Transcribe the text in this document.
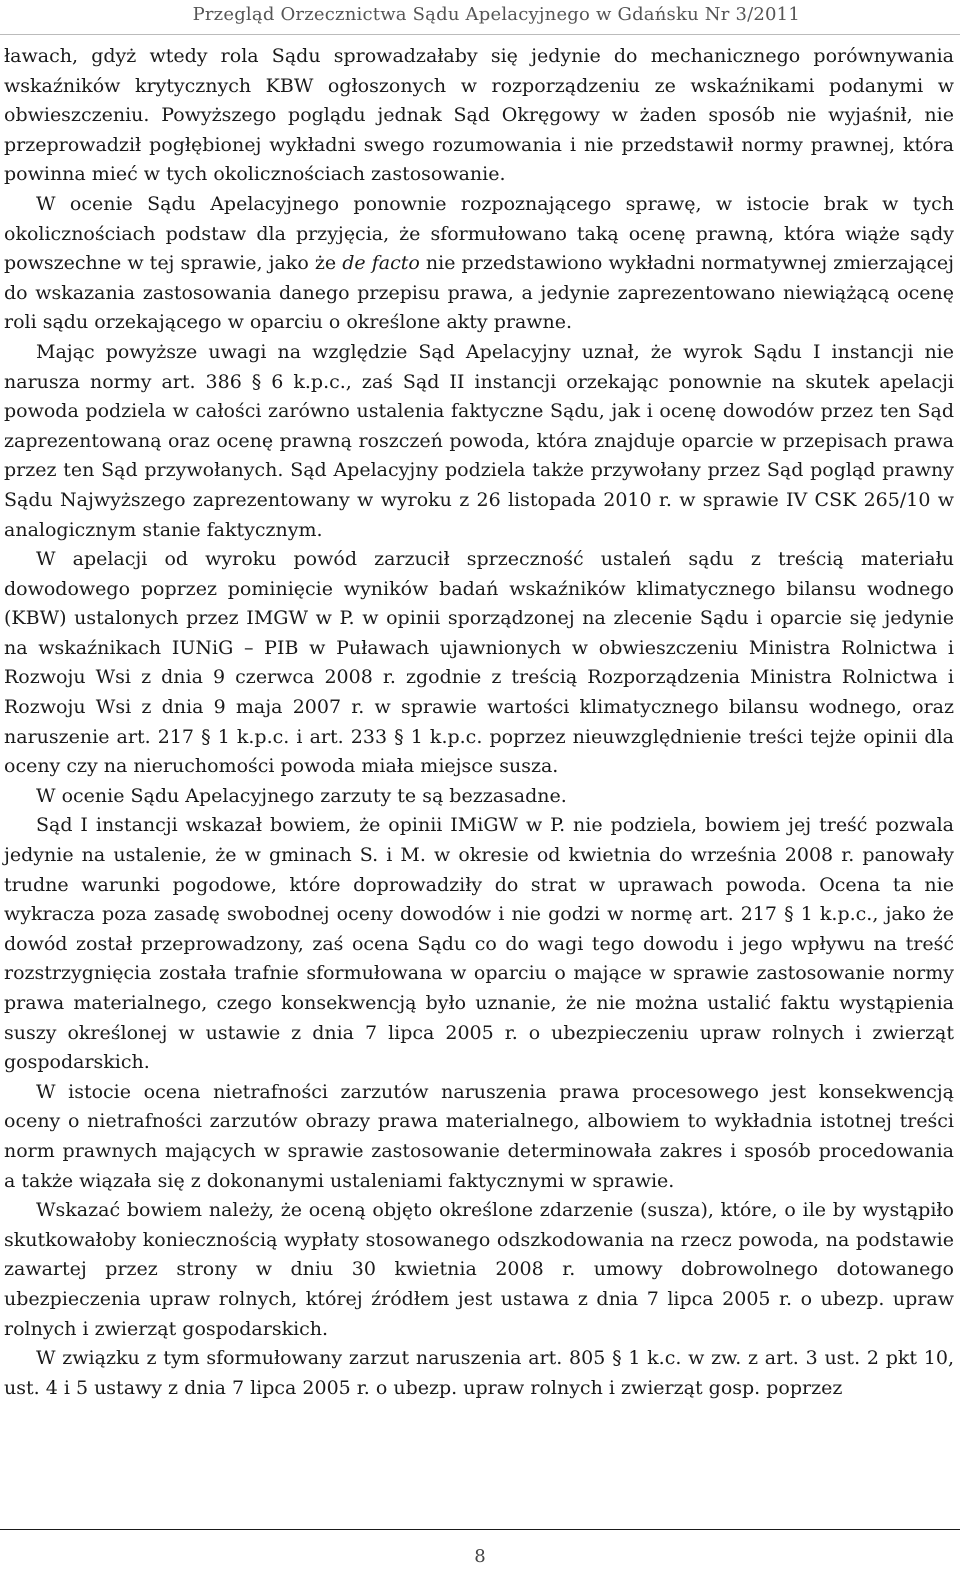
Przegląd Orzecznictwa Sądu Apelacyjnego w Gdańsku Nr 3/2011

ławach, gdyż wtedy rola Sądu sprowadzałaby się jedynie do mechanicznego porównywania wskaźników krytycznych KBW ogłoszonych w rozporządzeniu ze wskaźnikami podanymi w obwieszczeniu. Powyższego poglądu jednak Sąd Okręgowy w żaden sposób nie wyjaśnił, nie przeprowadził pogłębionej wykładni swego rozumowania i nie przedstawił normy prawnej, która powinna mieć w tych okolicznościach zastosowanie.

W ocenie Sądu Apelacyjnego ponownie rozpoznającego sprawę, w istocie brak w tych okolicznościach podstaw dla przyjęcia, że sformułowano taką ocenę prawną, która wiąże sądy powszechne w tej sprawie, jako że de facto nie przedstawiono wykładni normatywnej zmierzającej do wskazania zastosowania danego przepisu prawa, a jedynie zaprezentowano niewiążącą ocenę roli sądu orzekającego w oparciu o określone akty prawne.

Mając powyższe uwagi na względzie Sąd Apelacyjny uznał, że wyrok Sądu I instancji nie narusza normy art. 386 § 6 k.p.c., zaś Sąd II instancji orzekając ponownie na skutek apelacji powoda podziela w całości zarówno ustalenia faktyczne Sądu, jak i ocenę dowodów przez ten Sąd zaprezentowaną oraz ocenę prawną roszczeń powoda, która znajduje oparcie w przepisach prawa przez ten Sąd przywołanych. Sąd Apelacyjny podziela także przywołany przez Sąd pogląd prawny Sądu Najwyższego zaprezentowany w wyroku z 26 listopada 2010 r. w sprawie IV CSK 265/10 w analogicznym stanie faktycznym.

W apelacji od wyroku powód zarzucił sprzeczność ustaleń sądu z treścią materiału dowodowego poprzez pominięcie wyników badań wskaźników klimatycznego bilansu wodnego (KBW) ustalonych przez IMGW w P. w opinii sporządzonej na zlecenie Sądu i oparcie się jedynie na wskaźnikach IUNiG – PIB w Puławach ujawnionych w obwieszczeniu Ministra Rolnictwa i Rozwoju Wsi z dnia 9 czerwca 2008 r. zgodnie z treścią Rozporządzenia Ministra Rolnictwa i Rozwoju Wsi z dnia 9 maja 2007 r. w sprawie wartości klimatycznego bilansu wodnego, oraz naruszenie art. 217 § 1 k.p.c. i art. 233 § 1 k.p.c. poprzez nieuwzględnienie treści tejże opinii dla oceny czy na nieruchomości powoda miała miejsce susza.

W ocenie Sądu Apelacyjnego zarzuty te są bezzasadne.

Sąd I instancji wskazał bowiem, że opinii IMiGW w P. nie podziela, bowiem jej treść pozwala jedynie na ustalenie, że w gminach S. i M. w okresie od kwietnia do września 2008 r. panowały trudne warunki pogodowe, które doprowadziły do strat w uprawach powoda. Ocena ta nie wykracza poza zasadę swobodnej oceny dowodów i nie godzi w normę art. 217 § 1 k.p.c., jako że dowód został przeprowadzony, zaś ocena Sądu co do wagi tego dowodu i jego wpływu na treść rozstrzygnięcia została trafnie sformułowana w oparciu o mające w sprawie zastosowanie normy prawa materialnego, czego konsekwencją było uznanie, że nie można ustalić faktu wystąpienia suszy określonej w ustawie z dnia 7 lipca 2005 r. o ubezpieczeniu upraw rolnych i zwierząt gospodarskich.

W istocie ocena nietrafności zarzutów naruszenia prawa procesowego jest konsekwencją oceny o nietrafności zarzutów obrazy prawa materialnego, albowiem to wykładnia istotnej treści norm prawnych mających w sprawie zastosowanie determinowała zakres i sposób procedowania a także wiązała się z dokonanymi ustaleniami faktycznymi w sprawie.

Wskazać bowiem należy, że oceną objęto określone zdarzenie (susza), które, o ile by wystąpiło skutkowałoby koniecznością wypłaty stosowanego odszkodowania na rzecz powoda, na podstawie zawartej przez strony w dniu 30 kwietnia 2008 r. umowy dobrowolnego dotowanego ubezpieczenia upraw rolnych, której źródłem jest ustawa z dnia 7 lipca 2005 r. o ubezp. upraw rolnych i zwierząt gospodarskich.

W związku z tym sformułowany zarzut naruszenia art. 805 § 1 k.c. w zw. z art. 3 ust. 2 pkt 10, ust. 4 i 5 ustawy z dnia 7 lipca 2005 r. o ubezp. upraw rolnych i zwierząt gosp. poprzez

8
